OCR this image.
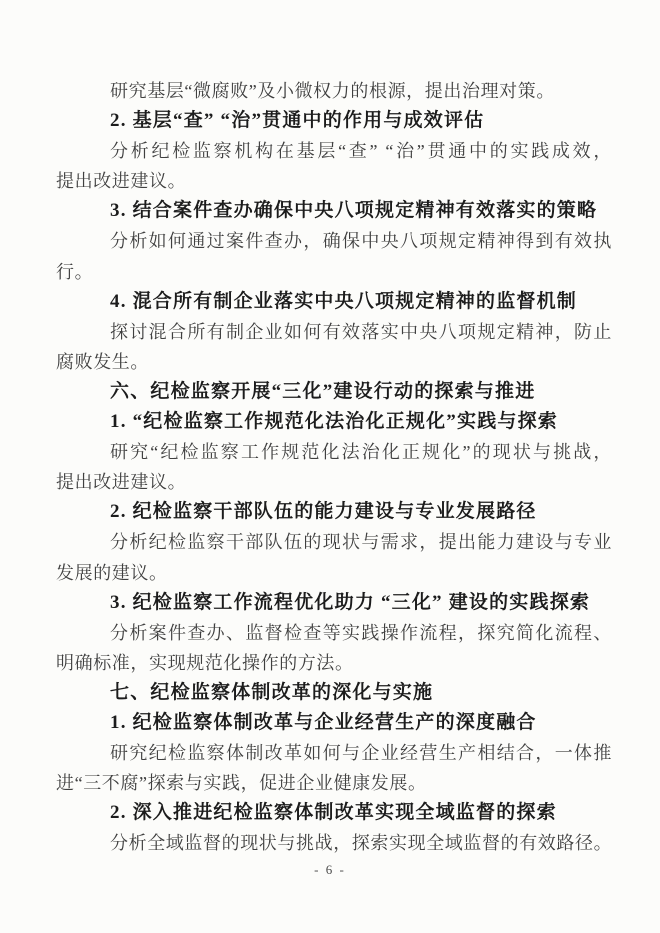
研究基层“微腐败”及小微权力的根源，提出治理对策。
2. 基层“查” “治”贯通中的作用与成效评估
分析纪检监察机构在基层“查” “治”贯通中的实践成效，
提出改进建议。
3. 结合案件查办确保中央八项规定精神有效落实的策略
分析如何通过案件查办，确保中央八项规定精神得到有效执
行。
4. 混合所有制企业落实中央八项规定精神的监督机制
探讨混合所有制企业如何有效落实中央八项规定精神，防止
腐败发生。
六、纪检监察开展“三化”建设行动的探索与推进
1. “纪检监察工作规范化法治化正规化”实践与探索
研究“纪检监察工作规范化法治化正规化”的现状与挑战，
提出改进建议。
2. 纪检监察干部队伍的能力建设与专业发展路径
分析纪检监察干部队伍的现状与需求，提出能力建设与专业
发展的建议。
3. 纪检监察工作流程优化助力 “三化” 建设的实践探索
分析案件查办、监督检查等实践操作流程，探究简化流程、
明确标准，实现规范化操作的方法。
七、纪检监察体制改革的深化与实施
1. 纪检监察体制改革与企业经营生产的深度融合
研究纪检监察体制改革如何与企业经营生产相结合，一体推
进“三不腐”探索与实践，促进企业健康发展。
2. 深入推进纪检监察体制改革实现全域监督的探索
分析全域监督的现状与挑战，探索实现全域监督的有效路径。
- 6 -
